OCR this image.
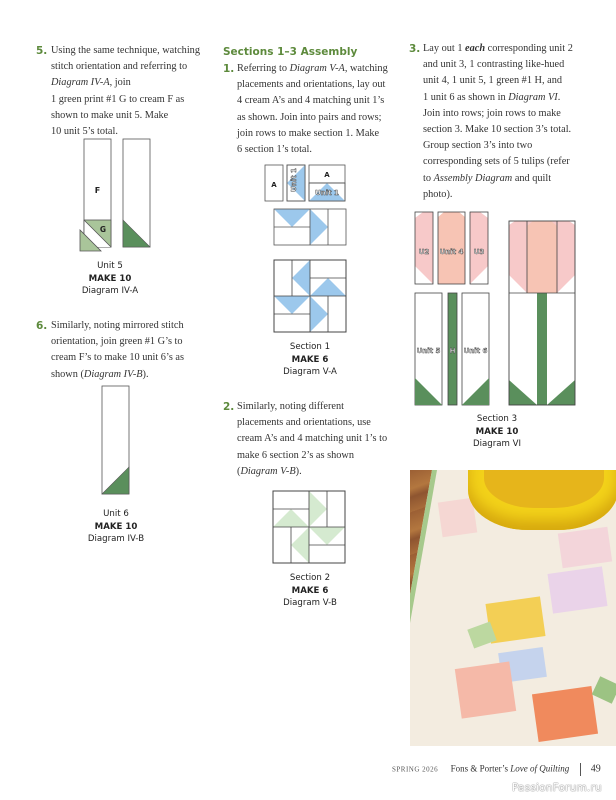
5. Using the same technique, watching
stitch orientation and referring to
Diagram IV-A, join
1 green print #1 G to cream F as
shown to make unit 5. Make
10 unit 5’s total.
F
G
Unit 5
MAKE 10
Diagram IV-A
6. Similarly, noting mirrored stitch
orientation, join green #1 G’s to
cream F’s to make 10 unit 6’s as
shown (Diagram IV-B).
Unit 6
MAKE 10
Diagram IV-B
Sections 1–3 Assembly
1. Referring to Diagram V-A, watching
placements and orientations, lay out
4 cream A’s and 4 matching unit 1’s
as shown. Join into pairs and rows;
join rows to make section 1. Make
6 section 1’s total.
A Unit 1	A
Unit 1
Section 1
MAKE 6
Diagram V-A
2. Similarly, noting different
placements and orientations, use
cream A’s and 4 matching unit 1’s to
make 6 section 2’s as shown
(Diagram V-B).
Section 2
MAKE 6
Diagram V-B
3. Lay out 1 each corresponding unit 2
and unit 3, 1 contrasting like-hued
unit 4, 1 unit 5, 1 green #1 H, and
1 unit 6 as shown in Diagram VI.
Join into rows; join rows to make
section 3. Make 10 section 3’s total.
Group section 3’s into two
corresponding sets of 5 tulips (refer
to Assembly Diagram and quilt
photo).
U2 Unit 4 U3
Unit 5 H Unit 6
Section 3
MAKE 10
Diagram VI
SPRING 2026 Fons & Porter’s Love of Quilting 49
PassionForum.ru
